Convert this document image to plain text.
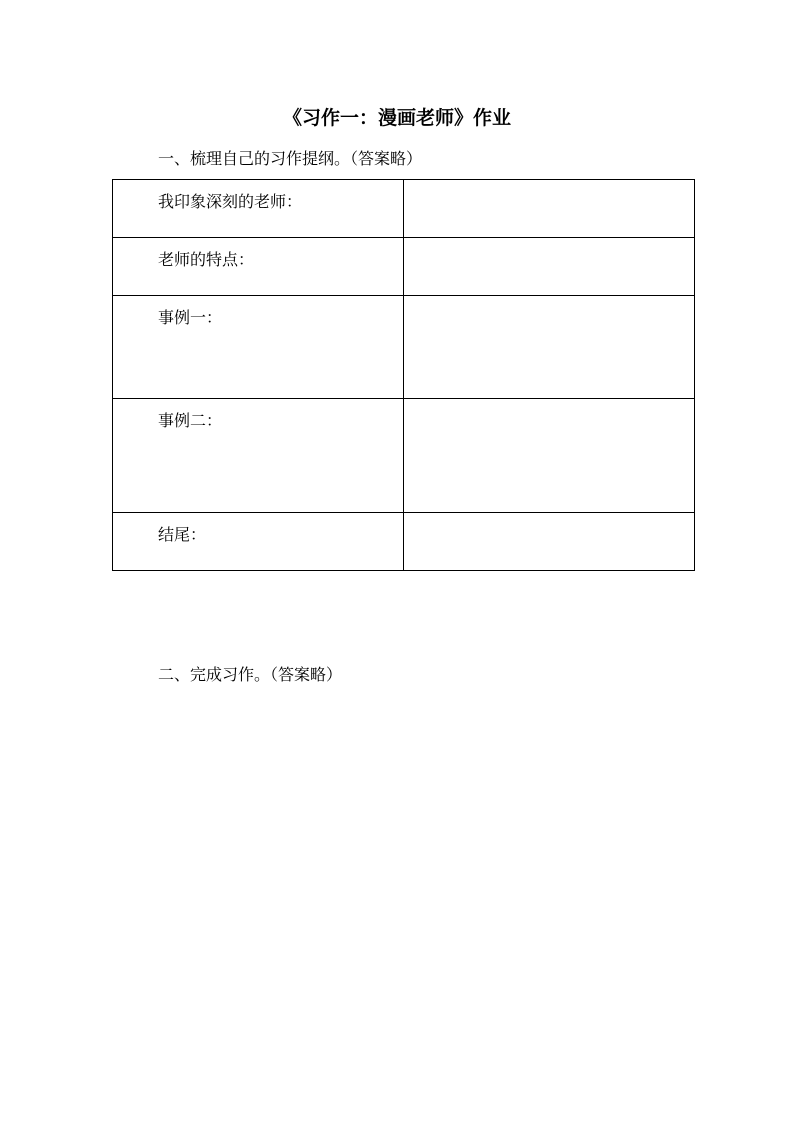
《习作一：漫画老师》作业
一、梳理自己的习作提纲。（答案略）
我印象深刻的老师：	

老师的特点：	

事例一：	

事例二：	

结尾：	

二、完成习作。（答案略）
